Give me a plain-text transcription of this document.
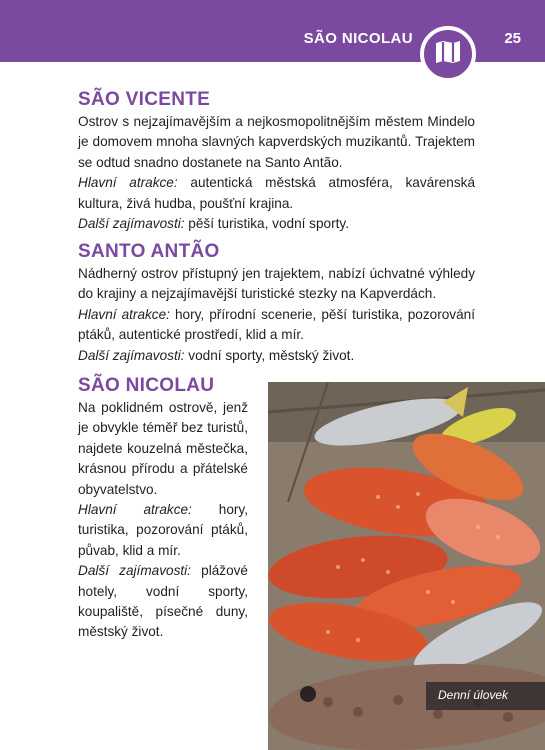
SÃO NICOLAU	25
SÃO VICENTE

Ostrov s nejzajímavějším a nejkosmopolitnějším městem Mindelo je domovem mnoha slavných kapverdských muzikantů. Trajektem se odtud snadno dostanete na Santo Antão.

Hlavní atrakce: autentická městská atmosféra, kavárenská kultura, živá hudba, poušťní krajina.

Další zajímavosti: pěší turistika, vodní sporty.

SANTO ANTÃO

Nádherný ostrov přístupný jen trajektem, nabízí úchvatné výhledy do krajiny a nejzajímavější turistické stezky na Kapverdách.

Hlavní atrakce: hory, přírodní scenerie, pěší turistika, pozorování ptáků, autentické prostředí, klid a mír.

Další zajímavosti: vodní sporty, městský život.

SÃO NICOLAU

Na poklidném ostrově, jenž je obvykle téměř bez turistů, najdete kouzelná městečka, krásnou přírodu a přátelské obyvatelstvo.

Hlavní atrakce: hory, turistika, pozorování ptáků, půvab, klid a mír.

Další zajímavosti: plážové hotely, vodní sporty, koupaliště, písečné duny, městský život.

Denní úlovek
